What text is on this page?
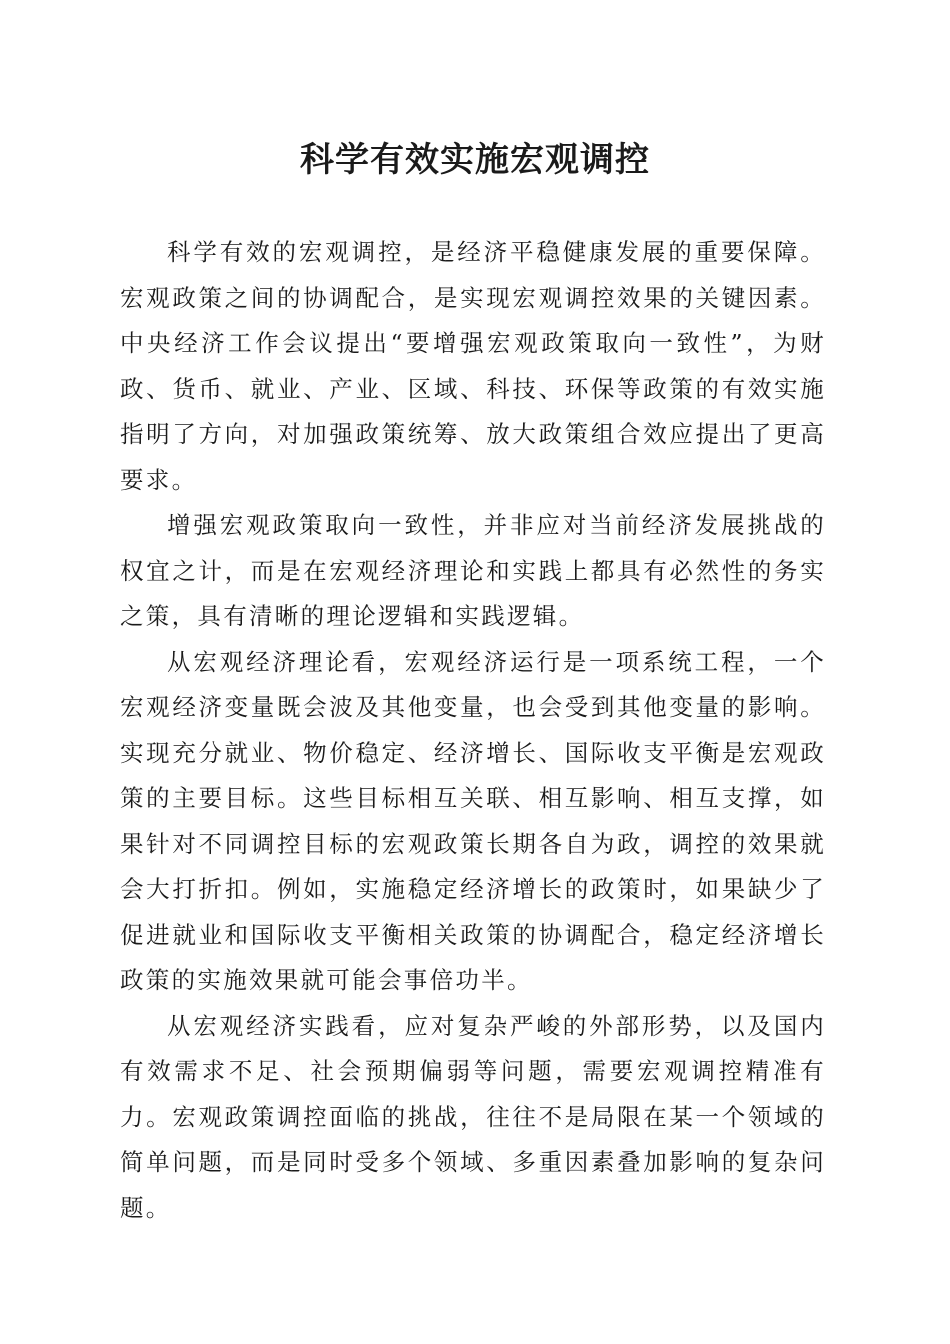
科学有效实施宏观调控

科学有效的宏观调控，是经济平稳健康发展的重要保障。宏观政策之间的协调配合，是实现宏观调控效果的关键因素。中央经济工作会议提出“要增强宏观政策取向一致性”，为财政、货币、就业、产业、区域、科技、环保等政策的有效实施指明了方向，对加强政策统筹、放大政策组合效应提出了更高要求。

增强宏观政策取向一致性，并非应对当前经济发展挑战的权宜之计，而是在宏观经济理论和实践上都具有必然性的务实之策，具有清晰的理论逻辑和实践逻辑。

从宏观经济理论看，宏观经济运行是一项系统工程，一个宏观经济变量既会波及其他变量，也会受到其他变量的影响。实现充分就业、物价稳定、经济增长、国际收支平衡是宏观政策的主要目标。这些目标相互关联、相互影响、相互支撑，如果针对不同调控目标的宏观政策长期各自为政，调控的效果就会大打折扣。例如，实施稳定经济增长的政策时，如果缺少了促进就业和国际收支平衡相关政策的协调配合，稳定经济增长政策的实施效果就可能会事倍功半。

从宏观经济实践看，应对复杂严峻的外部形势，以及国内有效需求不足、社会预期偏弱等问题，需要宏观调控精准有力。宏观政策调控面临的挑战，往往不是局限在某一个领域的简单问题，而是同时受多个领域、多重因素叠加影响的复杂问题。
